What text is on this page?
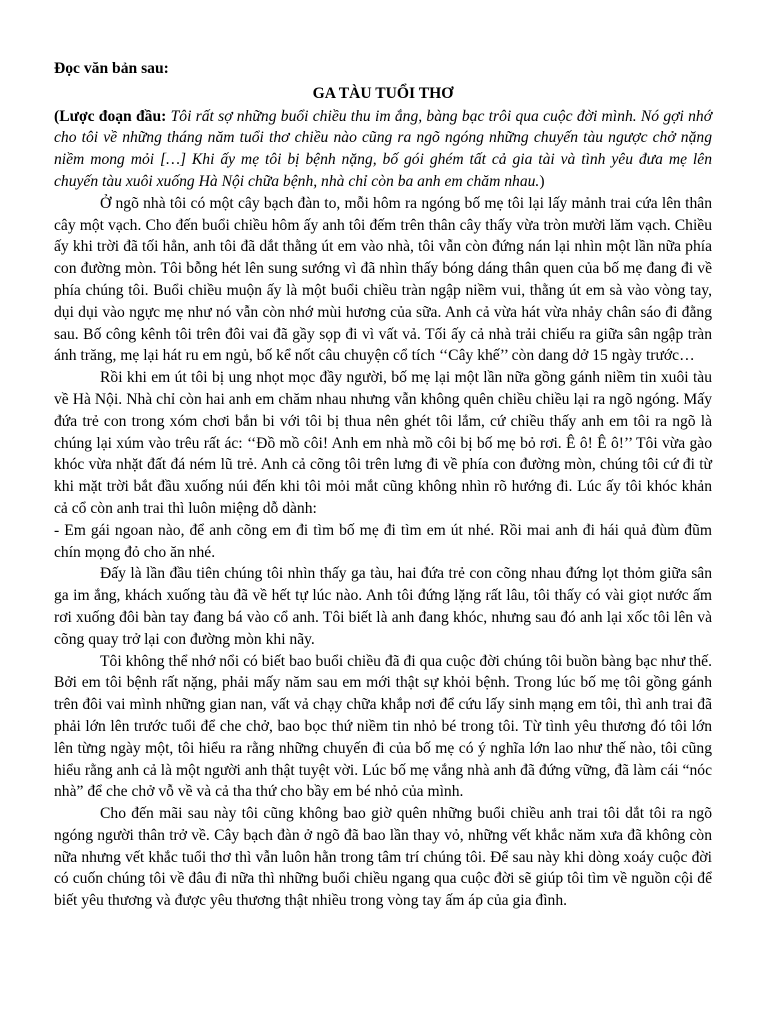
Đọc văn bản sau:

GA TÀU TUỔI THƠ

(Lược đoạn đầu: Tôi rất sợ những buổi chiều thu im ắng, bàng bạc trôi qua cuộc đời mình. Nó gợi nhớ cho tôi về những tháng năm tuổi thơ chiều nào cũng ra ngõ ngóng những chuyến tàu ngược chở nặng niềm mong mỏi […] Khi ấy mẹ tôi bị bệnh nặng, bố gói ghém tất cả gia tài và tình yêu đưa mẹ lên chuyến tàu xuôi xuống Hà Nội chữa bệnh, nhà chỉ còn ba anh em chăm nhau.)

Ở ngõ nhà tôi có một cây bạch đàn to, mỗi hôm ra ngóng bố mẹ tôi lại lấy mảnh trai cứa lên thân cây một vạch. Cho đến buổi chiều hôm ấy anh tôi đếm trên thân cây thấy vừa tròn mười lăm vạch. Chiều ấy khi trời đã tối hẳn, anh tôi đã dắt thằng út em vào nhà, tôi vẫn còn đứng nán lại nhìn một lần nữa phía con đường mòn. Tôi bỗng hét lên sung sướng vì đã nhìn thấy bóng dáng thân quen của bố mẹ đang đi về phía chúng tôi. Buổi chiều muộn ấy là một buổi chiều tràn ngập niềm vui, thằng út em sà vào vòng tay, dụi dụi vào ngực mẹ như nó vẫn còn nhớ mùi hương của sữa. Anh cả vừa hát vừa nhảy chân sáo đi đằng sau. Bố công kênh tôi trên đôi vai đã gầy sọp đi vì vất vả. Tối ấy cả nhà trải chiếu ra giữa sân ngập tràn ánh trăng, mẹ lại hát ru em ngủ, bố kể nốt câu chuyện cổ tích ‘‘Cây khế’’ còn dang dở 15 ngày trước…

Rồi khi em út tôi bị ung nhọt mọc đầy người, bố mẹ lại một lần nữa gồng gánh niềm tin xuôi tàu về Hà Nội. Nhà chỉ còn hai anh em chăm nhau nhưng vẫn không quên chiều chiều lại ra ngõ ngóng. Mấy đứa trẻ con trong xóm chơi bắn bi với tôi bị thua nên ghét tôi lắm, cứ chiều thấy anh em tôi ra ngõ là chúng lại xúm vào trêu rất ác: ‘‘Đồ mồ côi! Anh em nhà mồ côi bị bố mẹ bỏ rơi. Ê ô! Ê ô!’’ Tôi vừa gào khóc vừa nhặt đất đá ném lũ trẻ. Anh cả cõng tôi trên lưng đi về phía con đường mòn, chúng tôi cứ đi từ khi mặt trời bắt đầu xuống núi đến khi tôi mỏi mắt cũng không nhìn rõ hướng đi. Lúc ấy tôi khóc khản cả cổ còn anh trai thì luôn miệng dỗ dành:

- Em gái ngoan nào, để anh cõng em đi tìm bố mẹ đi tìm em út nhé. Rồi mai anh đi hái quả đùm đũm chín mọng đỏ cho ăn nhé.

Đấy là lần đầu tiên chúng tôi nhìn thấy ga tàu, hai đứa trẻ con cõng nhau đứng lọt thỏm giữa sân ga im ắng, khách xuống tàu đã về hết tự lúc nào. Anh tôi đứng lặng rất lâu, tôi thấy có vài giọt nước ấm rơi xuống đôi bàn tay đang bá vào cổ anh. Tôi biết là anh đang khóc, nhưng sau đó anh lại xốc tôi lên và cõng quay trở lại con đường mòn khi nãy.

Tôi không thể nhớ nổi có biết bao buổi chiều đã đi qua cuộc đời chúng tôi buồn bàng bạc như thế. Bởi em tôi bệnh rất nặng, phải mấy năm sau em mới thật sự khỏi bệnh. Trong lúc bố mẹ tôi gồng gánh trên đôi vai mình những gian nan, vất vả chạy chữa khắp nơi để cứu lấy sinh mạng em tôi, thì anh trai đã phải lớn lên trước tuổi để che chở, bao bọc thứ niềm tin nhỏ bé trong tôi. Từ tình yêu thương đó tôi lớn lên từng ngày một, tôi hiểu ra rằng những chuyến đi của bố mẹ có ý nghĩa lớn lao như thế nào, tôi cũng hiểu rằng anh cả là một người anh thật tuyệt vời. Lúc bố mẹ vắng nhà anh đã đứng vững, đã làm cái “nóc nhà” để che chở vỗ về và cả tha thứ cho bầy em bé nhỏ của mình.

Cho đến mãi sau này tôi cũng không bao giờ quên những buổi chiều anh trai tôi dắt tôi ra ngõ ngóng người thân trở về. Cây bạch đàn ở ngõ đã bao lần thay vỏ, những vết khắc năm xưa đã không còn nữa nhưng vết khắc tuổi thơ thì vẫn luôn hằn trong tâm trí chúng tôi. Để sau này khi dòng xoáy cuộc đời có cuốn chúng tôi về đâu đi nữa thì những buổi chiều ngang qua cuộc đời sẽ giúp tôi tìm về nguồn cội để biết yêu thương và được yêu thương thật nhiều trong vòng tay ấm áp của gia đình.
